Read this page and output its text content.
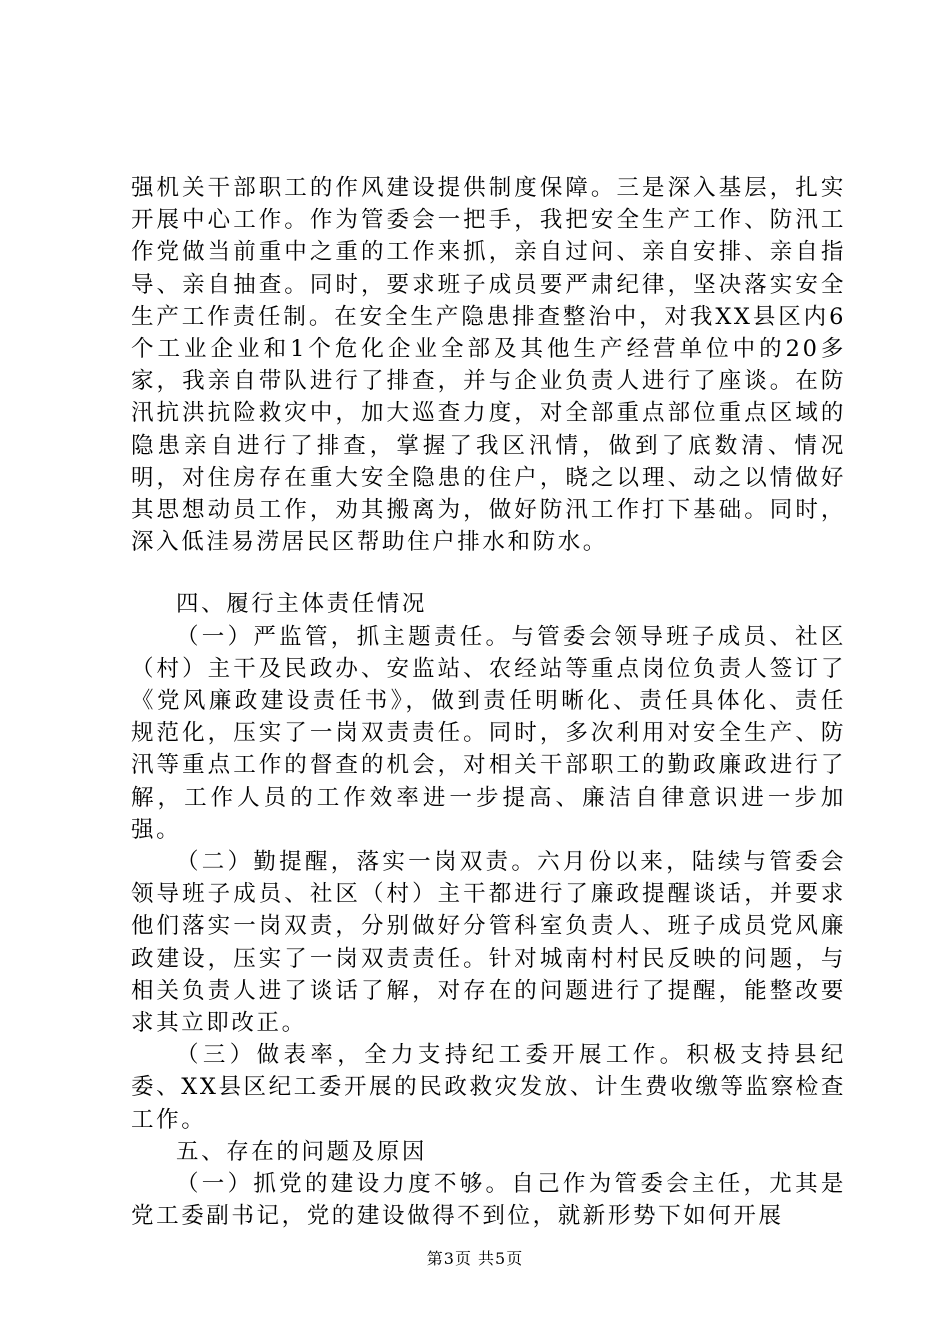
强机关干部职工的作风建设提供制度保障。三是深入基层，扎实开展中心工作。作为管委会一把手，我把安全生产工作、防汛工作党做当前重中之重的工作来抓，亲自过问、亲自安排、亲自指导、亲自抽查。同时，要求班子成员要严肃纪律，坚决落实安全生产工作责任制。在安全生产隐患排查整治中，对我XX县区内6个工业企业和1个危化企业全部及其他生产经营单位中的20多家，我亲自带队进行了排查，并与企业负责人进行了座谈。在防汛抗洪抗险救灾中，加大巡查力度，对全部重点部位重点区域的隐患亲自进行了排查，掌握了我区汛情，做到了底数清、情况明，对住房存在重大安全隐患的住户，晓之以理、动之以情做好其思想动员工作，劝其搬离为，做好防汛工作打下基础。同时，深入低洼易涝居民区帮助住户排水和防水。

四、履行主体责任情况

（一）严监管，抓主题责任。与管委会领导班子成员、社区（村）主干及民政办、安监站、农经站等重点岗位负责人签订了《党风廉政建设责任书》，做到责任明晰化、责任具体化、责任规范化，压实了一岗双责责任。同时，多次利用对安全生产、防汛等重点工作的督查的机会，对相关干部职工的勤政廉政进行了解，工作人员的工作效率进一步提高、廉洁自律意识进一步加强。

（二）勤提醒，落实一岗双责。六月份以来，陆续与管委会领导班子成员、社区（村）主干都进行了廉政提醒谈话，并要求他们落实一岗双责，分别做好分管科室负责人、班子成员党风廉政建设，压实了一岗双责责任。针对城南村村民反映的问题，与相关负责人进了谈话了解，对存在的问题进行了提醒，能整改要求其立即改正。

（三）做表率，全力支持纪工委开展工作。积极支持县纪委、XX县区纪工委开展的民政救灾发放、计生费收缴等监察检查工作。

五、存在的问题及原因

（一）抓党的建设力度不够。自己作为管委会主任，尤其是党工委副书记，党的建设做得不到位，就新形势下如何开展

第3页 共5页
